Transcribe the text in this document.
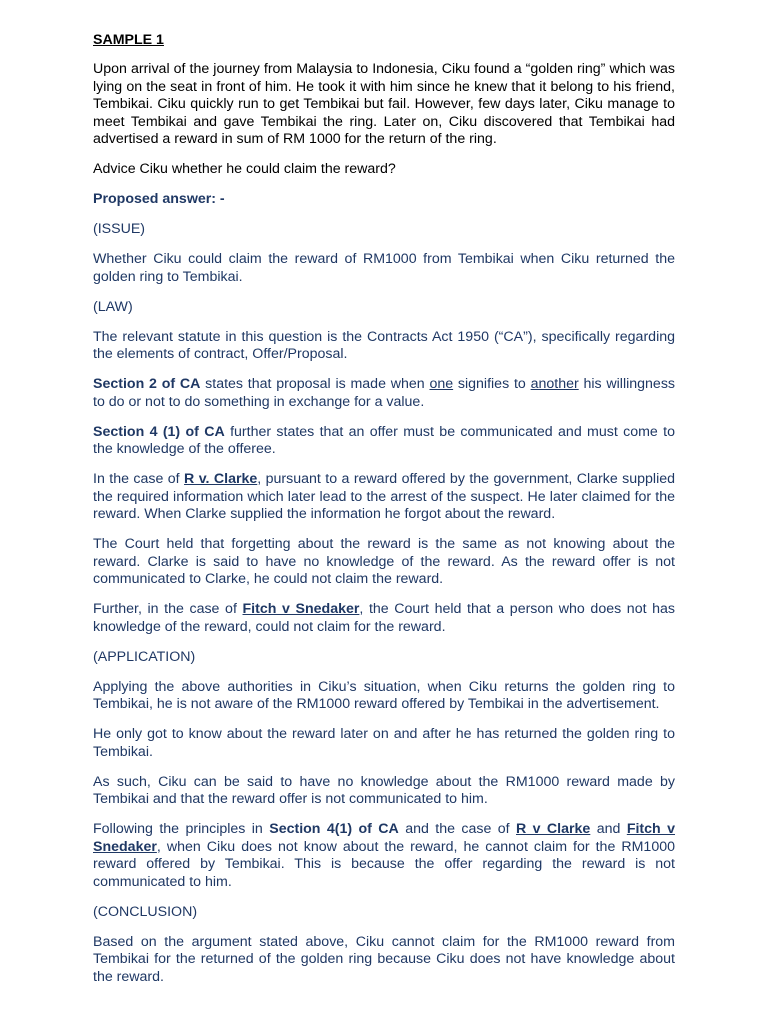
SAMPLE 1

Upon arrival of the journey from Malaysia to Indonesia, Ciku found a “golden ring” which was lying on the seat in front of him. He took it with him since he knew that it belong to his friend, Tembikai. Ciku quickly run to get Tembikai but fail. However, few days later, Ciku manage to meet Tembikai and gave Tembikai the ring. Later on, Ciku discovered that Tembikai had advertised a reward in sum of RM 1000 for the return of the ring.

Advice Ciku whether he could claim the reward?

Proposed answer: -

(ISSUE)

Whether Ciku could claim the reward of RM1000 from Tembikai when Ciku returned the golden ring to Tembikai.

(LAW)

The relevant statute in this question is the Contracts Act 1950 (“CA”), specifically regarding the elements of contract, Offer/Proposal.

Section 2 of CA states that proposal is made when one signifies to another his willingness to do or not to do something in exchange for a value.

Section 4 (1) of CA further states that an offer must be communicated and must come to the knowledge of the offeree.

In the case of R v. Clarke, pursuant to a reward offered by the government, Clarke supplied the required information which later lead to the arrest of the suspect. He later claimed for the reward. When Clarke supplied the information he forgot about the reward.

The Court held that forgetting about the reward is the same as not knowing about the reward. Clarke is said to have no knowledge of the reward. As the reward offer is not communicated to Clarke, he could not claim the reward.

Further, in the case of Fitch v Snedaker, the Court held that a person who does not has knowledge of the reward, could not claim for the reward.

(APPLICATION)

Applying the above authorities in Ciku’s situation, when Ciku returns the golden ring to Tembikai, he is not aware of the RM1000 reward offered by Tembikai in the advertisement.

He only got to know about the reward later on and after he has returned the golden ring to Tembikai.

As such, Ciku can be said to have no knowledge about the RM1000 reward made by Tembikai and that the reward offer is not communicated to him.

Following the principles in Section 4(1) of CA and the case of R v Clarke and Fitch v Snedaker, when Ciku does not know about the reward, he cannot claim for the RM1000 reward offered by Tembikai. This is because the offer regarding the reward is not communicated to him.

(CONCLUSION)

Based on the argument stated above, Ciku cannot claim for the RM1000 reward from Tembikai for the returned of the golden ring because Ciku does not have knowledge about the reward.
